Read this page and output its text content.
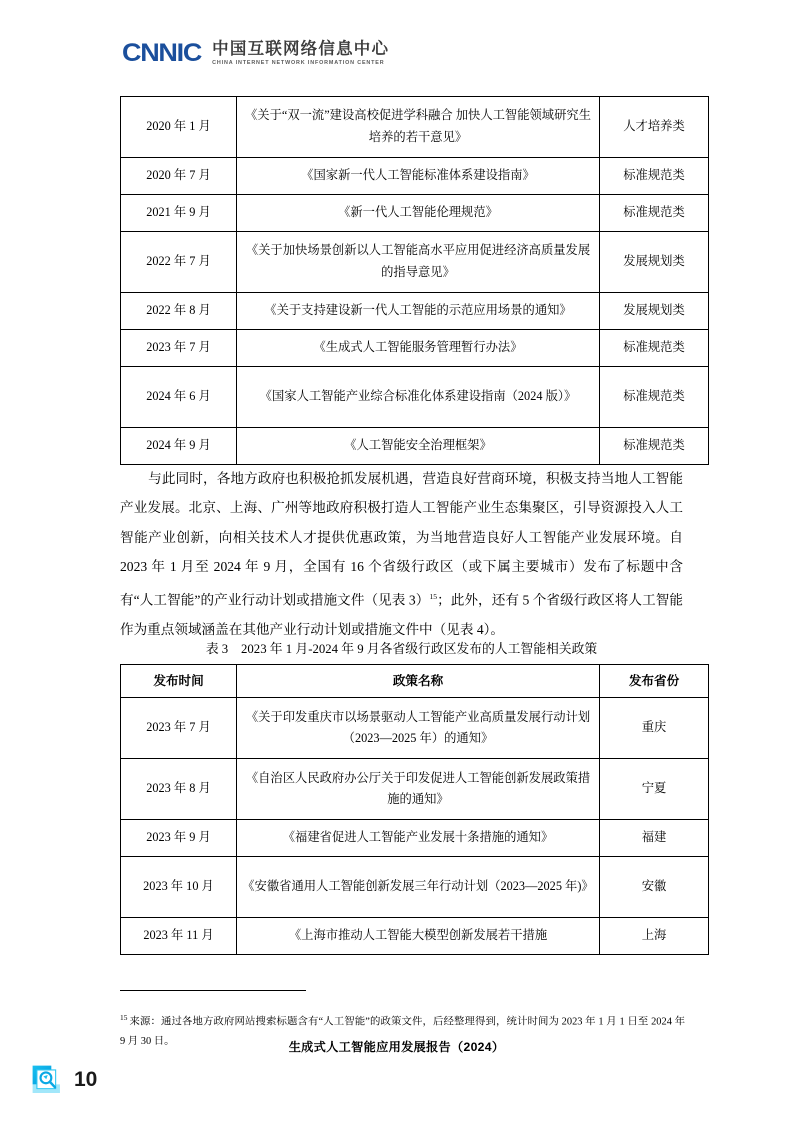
CNNIC 中国互联网络信息中心
CHINA INTERNET NETWORK INFORMATION CENTER
2020 年 1 月	《关于“双一流”建设高校促进学科融合 加快人工智能领域研究生培养的若干意见》	人才培养类
2020 年 7 月	《国家新一代人工智能标准体系建设指南》	标准规范类
2021 年 9 月	《新一代人工智能伦理规范》	标准规范类
2022 年 7 月	《关于加快场景创新以人工智能高水平应用促进经济高质量发展的指导意见》	发展规划类
2022 年 8 月	《关于支持建设新一代人工智能的示范应用场景的通知》	发展规划类
2023 年 7 月	《生成式人工智能服务管理暂行办法》	标准规范类
2024 年 6 月	《国家人工智能产业综合标准化体系建设指南（2024 版）》	标准规范类
2024 年 9 月	《人工智能安全治理框架》	标准规范类

与此同时，各地方政府也积极抢抓发展机遇，营造良好营商环境，积极支持当地人工智能产业发展。北京、上海、广州等地政府积极打造人工智能产业生态集聚区，引导资源投入人工智能产业创新，向相关技术人才提供优惠政策，为当地营造良好人工智能产业发展环境。自 2023 年 1 月至 2024 年 9 月，全国有 16 个省级行政区（或下属主要城市）发布了标题中含有“人工智能”的产业行动计划或措施文件（见表 3）$^{15}$；此外，还有 5 个省级行政区将人工智能作为重点领域涵盖在其他产业行动计划或措施文件中（见表 4）。

表 3　2023 年 1 月-2024 年 9 月各省级行政区发布的人工智能相关政策
发布时间	政策名称	发布省份
2023 年 7 月	《关于印发重庆市以场景驱动人工智能产业高质量发展行动计划（2023—2025 年）的通知》	重庆
2023 年 8 月	《自治区人民政府办公厅关于印发促进人工智能创新发展政策措施的通知》	宁夏
2023 年 9 月	《福建省促进人工智能产业发展十条措施的通知》	福建
2023 年 10 月	《安徽省通用人工智能创新发展三年行动计划（2023—2025 年)》	安徽
2023 年 11 月	《上海市推动人工智能大模型创新发展若干措施	上海

$^{15}$ 来源：通过各地方政府网站搜索标题含有“人工智能”的政策文件，后经整理得到，统计时间为 2023 年 1 月 1 日至 2024 年 9 月 30 日。	生成式人工智能应用发展报告（2024）
10
